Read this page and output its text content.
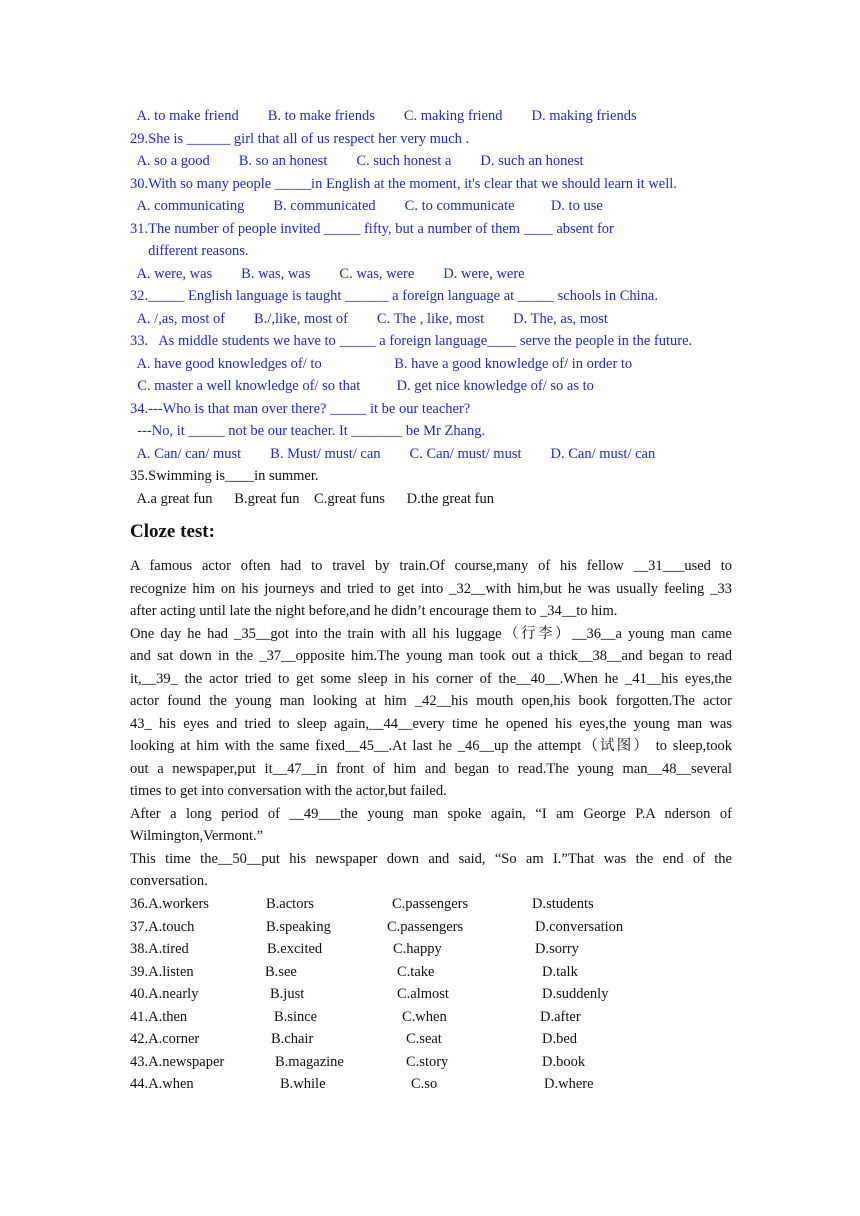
A. to make friend        B. to make friends        C. making friend        D. making friends
29.She is ______ girl that all of us respect her very much .
A. so a good        B. so an honest        C. such honest a        D. such an honest
30.With so many people _____in English at the moment, it's clear that we should learn it well.
A. communicating        B. communicated        C. to communicate          D. to use
31.The number of people invited _____ fifty, but a number of them ____ absent for
different reasons.
A. were, was        B. was, was        C. was, were        D. were, were
32._____ English language is taught ______ a foreign language at _____ schools in China.
A. /,as, most of        B./,like, most of        C. The , like, most        D. The, as, most
33.   As middle students we have to _____ a foreign language____ serve the people in the future.
A. have good knowledges of/ to                    B. have a good knowledge of/ in order to
C. master a well knowledge of/ so that          D. get nice knowledge of/ so as to
34.---Who is that man over there? _____ it be our teacher?
---No, it _____ not be our teacher. It _______ be Mr Zhang.
A. Can/ can/ must        B. Must/ must/ can        C. Can/ must/ must        D. Can/ must/ can
35.Swimming is____in summer.
A.a great fun      B.great fun    C.great funs      D.the great fun
Cloze test:
A famous actor often had to travel by train.Of course,many of his fellow __31___used to
recognize him on his journeys and tried to get into _32__with him,but he was usually feeling _33
after acting until late the night before,and he didn’t encourage them to _34__to him.
One day he had _35__got into the train with all his luggage（行李）__36__a young man came
and sat down in the _37__opposite him.The young man took out a thick__38__and began to read
it,__39_ the actor tried to get some sleep in his corner of the__40__.When he _41__his eyes,the
actor found the young man looking at him _42__his mouth open,his book forgotten.The actor
43_ his eyes and tried to sleep again,__44__every time he opened his eyes,the young man was
looking at him with the same fixed__45__.At last he _46__up the attempt（试图） to sleep,took
out a newspaper,put it__47__in front of him and began to read.The young man__48__several
times to get into conversation with the actor,but failed.
After a long period of __49___the young man spoke again, “I am George P.A nderson of
Wilmington,Vermont.”
This time the__50__put his newspaper down and said, “So am I.”That was the end of the
conversation.
36.A.workers	B.actors	C.passengers	D.students
37.A.touch	B.speaking	C.passengers	D.conversation
38.A.tired	B.excited	C.happy	D.sorry
39.A.listen	B.see	C.take	D.talk
40.A.nearly	B.just	C.almost	D.suddenly
41.A.then	B.since	C.when	D.after
42.A.corner	B.chair	C.seat	D.bed
43.A.newspaper	B.magazine	C.story	D.book
44.A.when	B.while	C.so	D.where
